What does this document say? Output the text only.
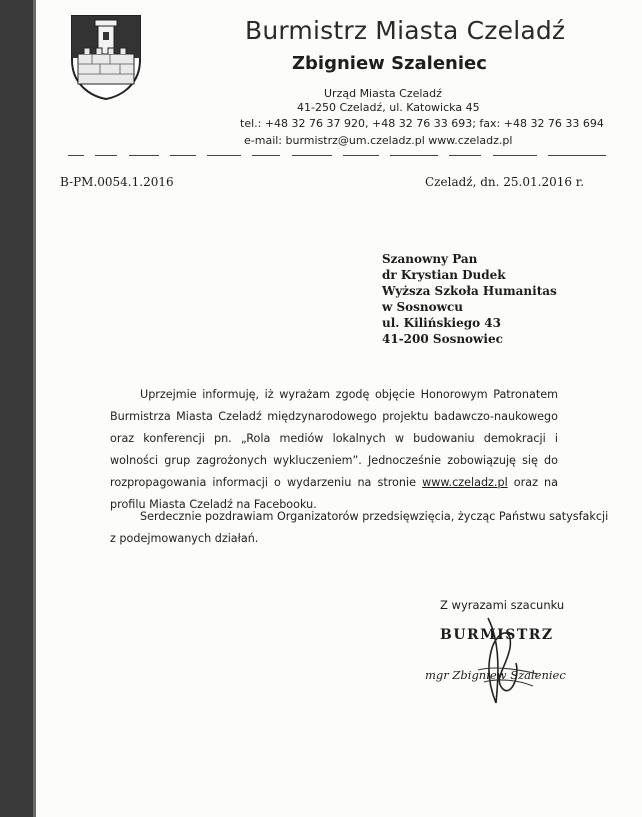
Burmistrz Miasta Czeladź
Zbigniew Szaleniec
Urząd Miasta Czeladź
41-250 Czeladź, ul. Katowicka 45
tel.: +48 32 76 37 920, +48 32 76 33 693; fax: +48 32 76 33 694
e-mail: burmistrz@um.czeladz.pl www.czeladz.pl
B-PM.0054.1.2016	Czeladź, dn. 25.01.2016 r.
Szanowny Pan
dr Krystian Dudek
Wyższa Szkoła Humanitas
w Sosnowcu
ul. Kilińskiego 43
41-200 Sosnowiec

Uprzejmie informuję, iż wyrażam zgodę objęcie Honorowym Patronatem Burmistrza Miasta Czeladź międzynarodowego projektu badawczo-naukowego oraz konferencji pn. „Rola mediów lokalnych w budowaniu demokracji i wolności grup zagrożonych wykluczeniem”. Jednocześnie zobowiązuję się do rozpropagowania informacji o wydarzeniu na stronie www.czeladz.pl oraz na profilu Miasta Czeladź na Facebooku.

Serdecznie pozdrawiam Organizatorów przedsięwzięcia, życząc Państwu satysfakcji
z podejmowanych działań.
Z wyrazami szacunku
BURMISTRZ
mgr Zbigniew Szaleniec
